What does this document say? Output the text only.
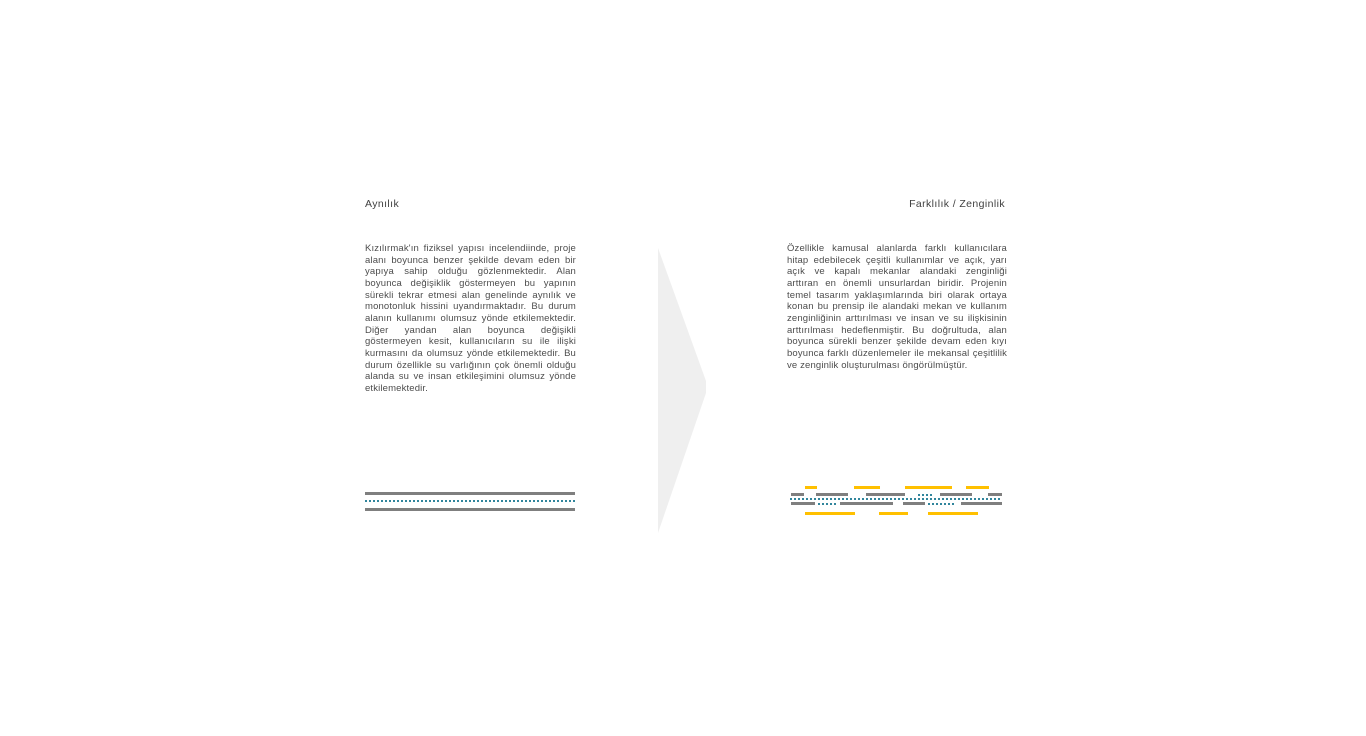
Aynılık	Farklılık / Zenginlik
Kızılırmak'ın fiziksel yapısı incelendiinde, proje alanı boyunca benzer şekilde devam eden bir yapıya sahip olduğu gözlenmektedir. Alan boyunca değişiklik göstermeyen bu yapının sürekli tekrar etmesi alan genelinde aynılık ve monotonluk hissini uyandırmaktadır. Bu durum alanın kullanımı olumsuz yönde etkilemektedir. Diğer yandan alan boyunca değişikli göstermeyen kesit, kullanıcıların su ile ilişki kurmasını da olumsuz yönde etkilemektedir. Bu durum özellikle su varlığının çok önemli olduğu alanda su ve insan etkileşimini olumsuz yönde etkilemektedir.
Özellikle kamusal alanlarda farklı kullanıcılara hitap edebilecek çeşitli kullanımlar ve açık, yarı açık ve kapalı mekanlar alandaki zenginliği arttıran en önemli unsurlardan biridir. Projenin temel tasarım yaklaşımlarında biri olarak ortaya konan bu prensip ile alandaki mekan ve kullanım zenginliğinin arttırılması ve insan ve su ilişkisinin arttırılması hedeflenmiştir. Bu doğrultuda, alan boyunca sürekli benzer şekilde devam eden kıyı boyunca farklı düzenlemeler ile mekansal çeşitlilik ve zenginlik oluşturulması öngörülmüştür.
